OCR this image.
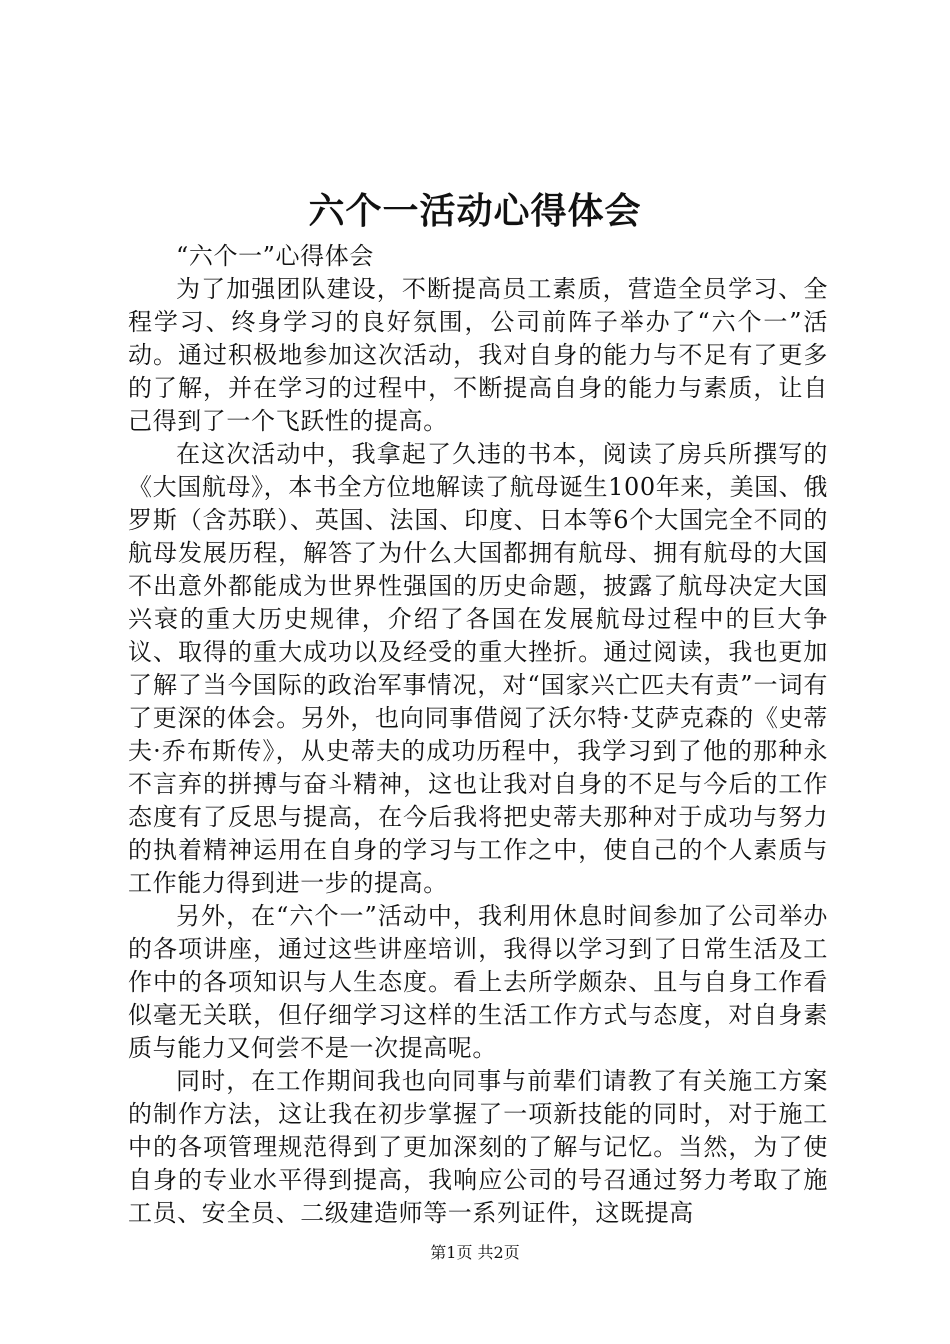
六个一活动心得体会

“六个一”心得体会

为了加强团队建设，不断提高员工素质，营造全员学习、全程学习、终身学习的良好氛围，公司前阵子举办了“六个一”活动。通过积极地参加这次活动，我对自身的能力与不足有了更多的了解，并在学习的过程中，不断提高自身的能力与素质，让自己得到了一个飞跃性的提高。

在这次活动中，我拿起了久违的书本，阅读了房兵所撰写的《大国航母》，本书全方位地解读了航母诞生100年来，美国、俄罗斯（含苏联）、英国、法国、印度、日本等6个大国完全不同的航母发展历程，解答了为什么大国都拥有航母、拥有航母的大国不出意外都能成为世界性强国的历史命题，披露了航母决定大国兴衰的重大历史规律，介绍了各国在发展航母过程中的巨大争议、取得的重大成功以及经受的重大挫折。通过阅读，我也更加了解了当今国际的政治军事情况，对“国家兴亡匹夫有责”一词有了更深的体会。另外，也向同事借阅了沃尔特·艾萨克森的《史蒂夫·乔布斯传》，从史蒂夫的成功历程中，我学习到了他的那种永不言弃的拼搏与奋斗精神，这也让我对自身的不足与今后的工作态度有了反思与提高，在今后我将把史蒂夫那种对于成功与努力的执着精神运用在自身的学习与工作之中，使自己的个人素质与工作能力得到进一步的提高。

另外，在“六个一”活动中，我利用休息时间参加了公司举办的各项讲座，通过这些讲座培训，我得以学习到了日常生活及工作中的各项知识与人生态度。看上去所学颇杂、且与自身工作看似毫无关联，但仔细学习这样的生活工作方式与态度，对自身素质与能力又何尝不是一次提高呢。

同时，在工作期间我也向同事与前辈们请教了有关施工方案的制作方法，这让我在初步掌握了一项新技能的同时，对于施工中的各项管理规范得到了更加深刻的了解与记忆。当然，为了使自身的专业水平得到提高，我响应公司的号召通过努力考取了施工员、安全员、二级建造师等一系列证件，这既提高

第1页 共2页
